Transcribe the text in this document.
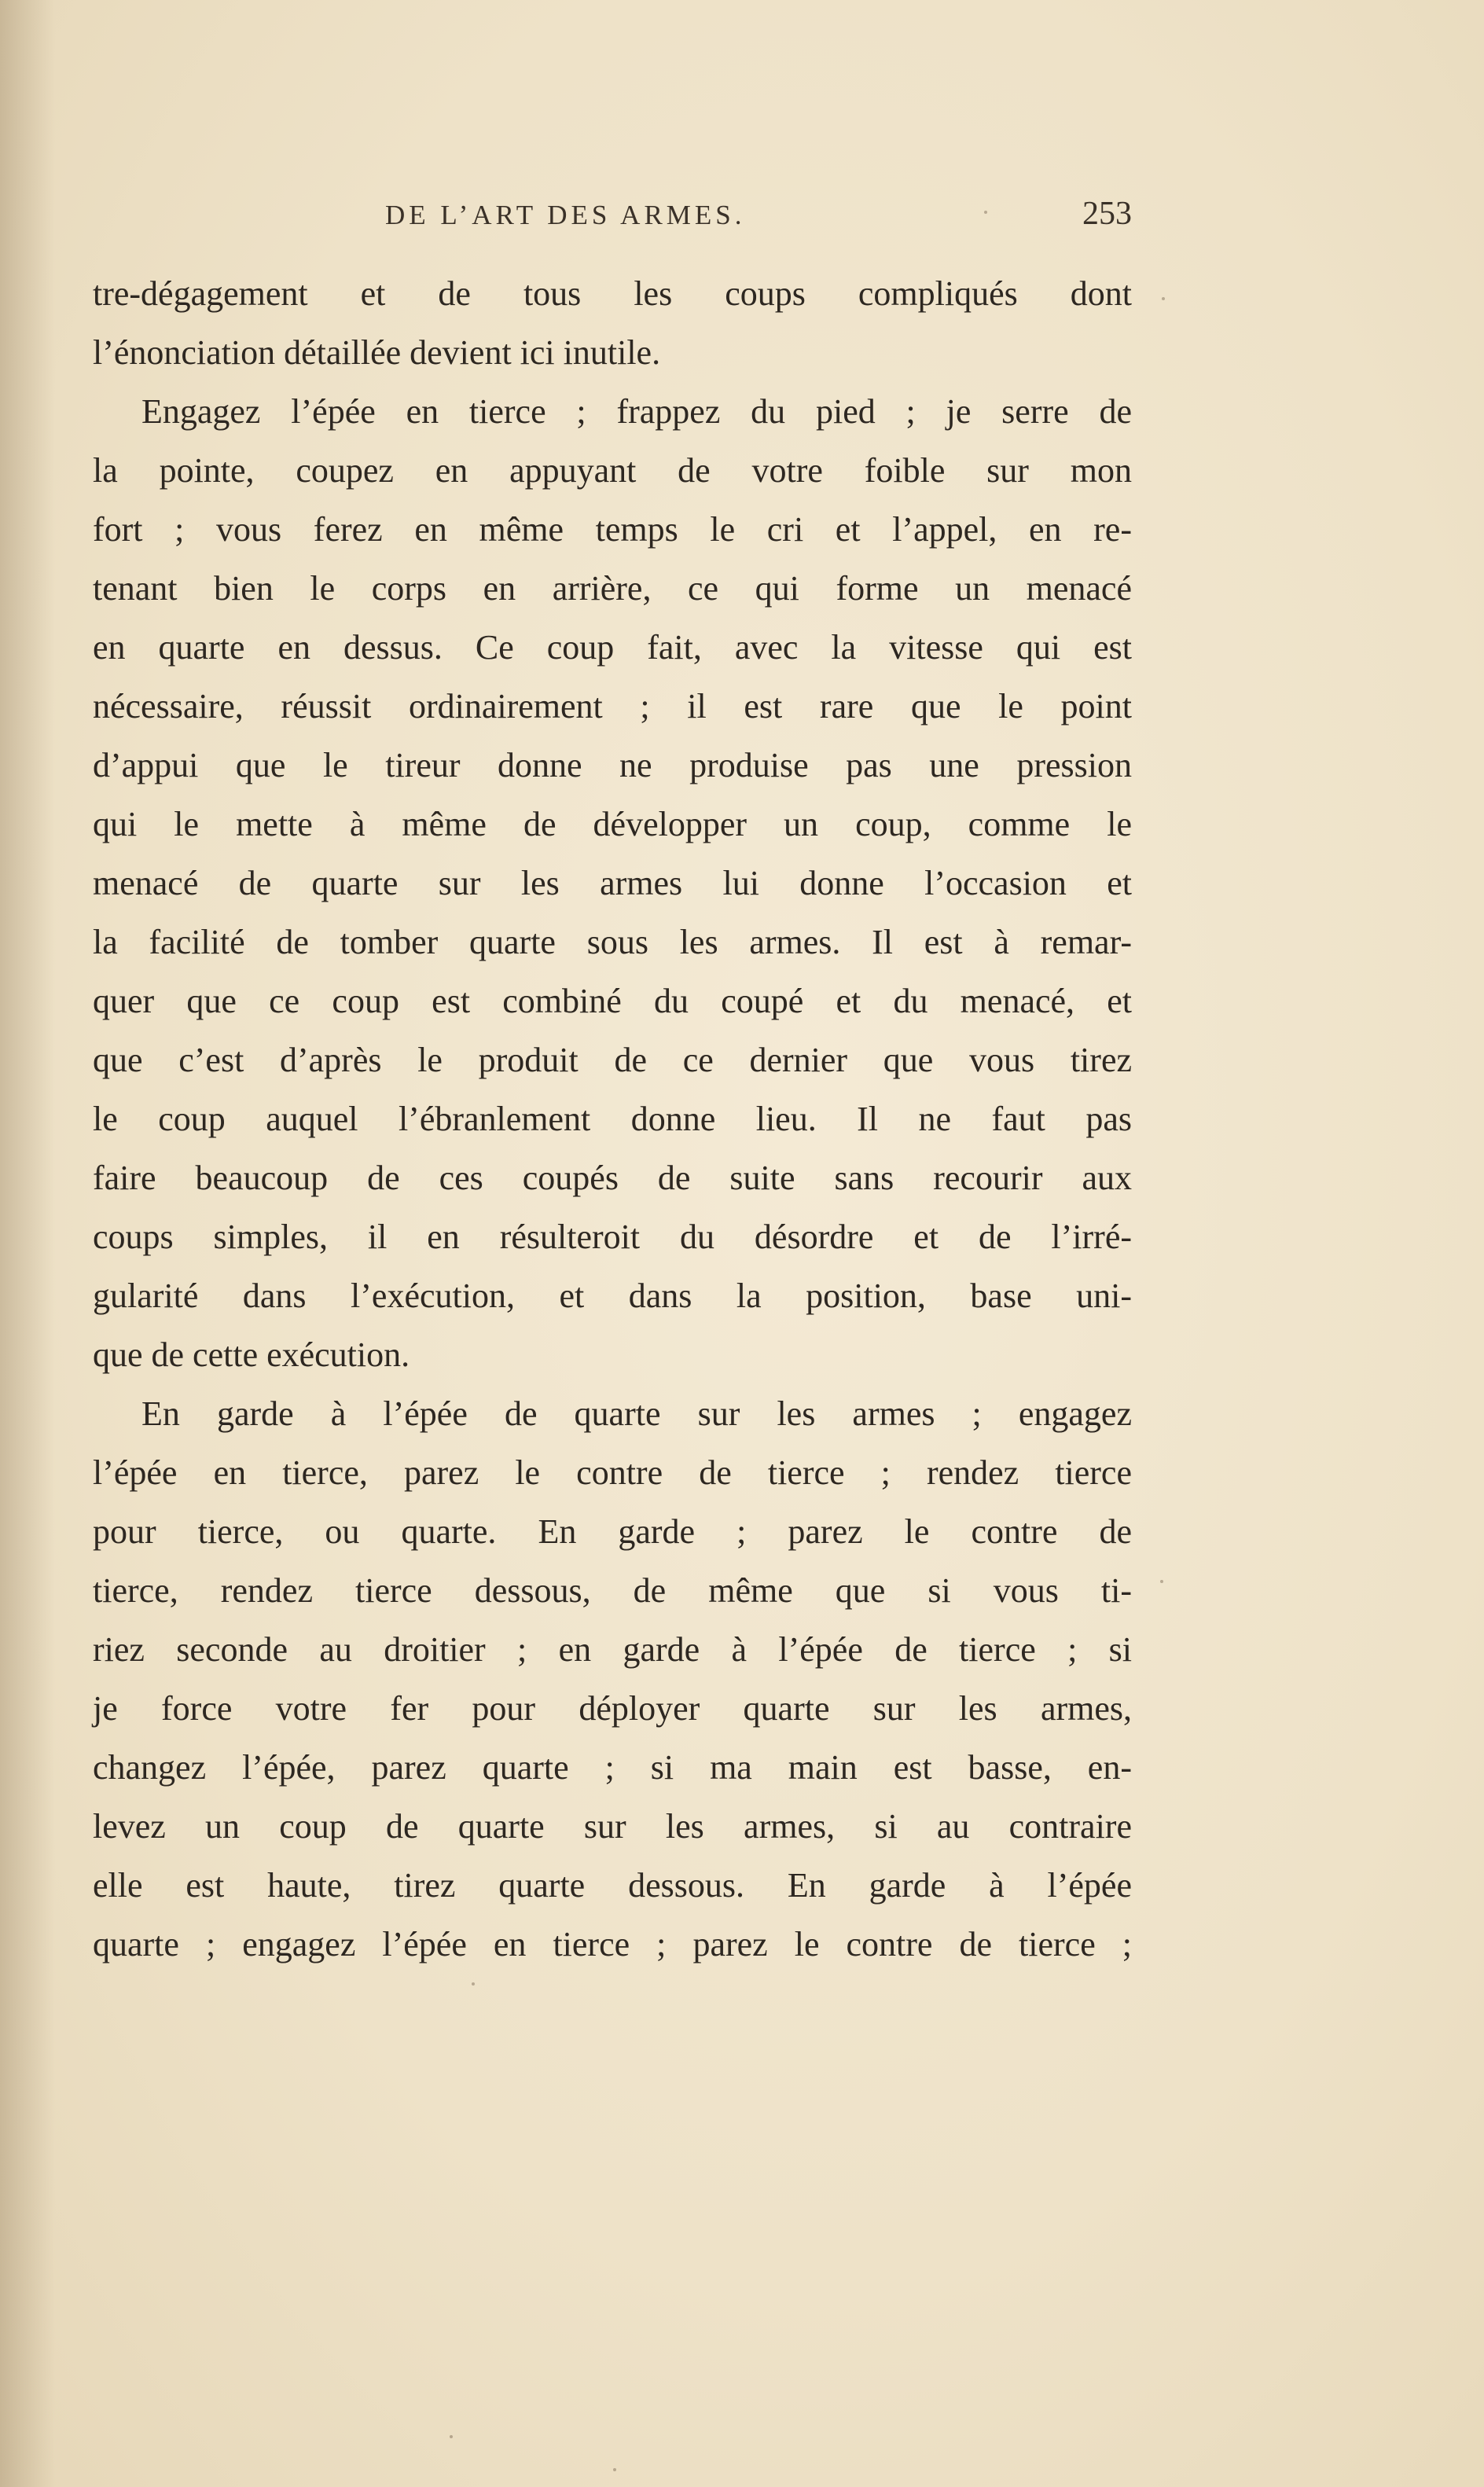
DE L’ART DES ARMES.	253
tre-dégagement et de tous les coups compliqués dont
l’énonciation détaillée devient ici inutile.
Engagez l’épée en tierce ; frappez du pied ; je serre de
la pointe, coupez en appuyant de votre foible sur mon
fort ; vous ferez en même temps le cri et l’appel, en re-
tenant bien le corps en arrière, ce qui forme un menacé
en quarte en dessus. Ce coup fait, avec la vitesse qui est
nécessaire, réussit ordinairement ; il est rare que le point
d’appui que le tireur donne ne produise pas une pression
qui le mette à même de développer un coup, comme le
menacé de quarte sur les armes lui donne l’occasion et
la facilité de tomber quarte sous les armes. Il est à remar-
quer que ce coup est combiné du coupé et du menacé, et
que c’est d’après le produit de ce dernier que vous tirez
le coup auquel l’ébranlement donne lieu. Il ne faut pas
faire beaucoup de ces coupés de suite sans recourir aux
coups simples, il en résulteroit du désordre et de l’irré-
gularité dans l’exécution, et dans la position, base uni-
que de cette exécution.
En garde à l’épée de quarte sur les armes ; engagez
l’épée en tierce, parez le contre de tierce ; rendez tierce
pour tierce, ou quarte. En garde ; parez le contre de
tierce, rendez tierce dessous, de même que si vous ti-
riez seconde au droitier ; en garde à l’épée de tierce ; si
je force votre fer pour déployer quarte sur les armes,
changez l’épée, parez quarte ; si ma main est basse, en-
levez un coup de quarte sur les armes, si au contraire
elle est haute, tirez quarte dessous. En garde à l’épée
quarte ; engagez l’épée en tierce ; parez le contre de tierce ;
